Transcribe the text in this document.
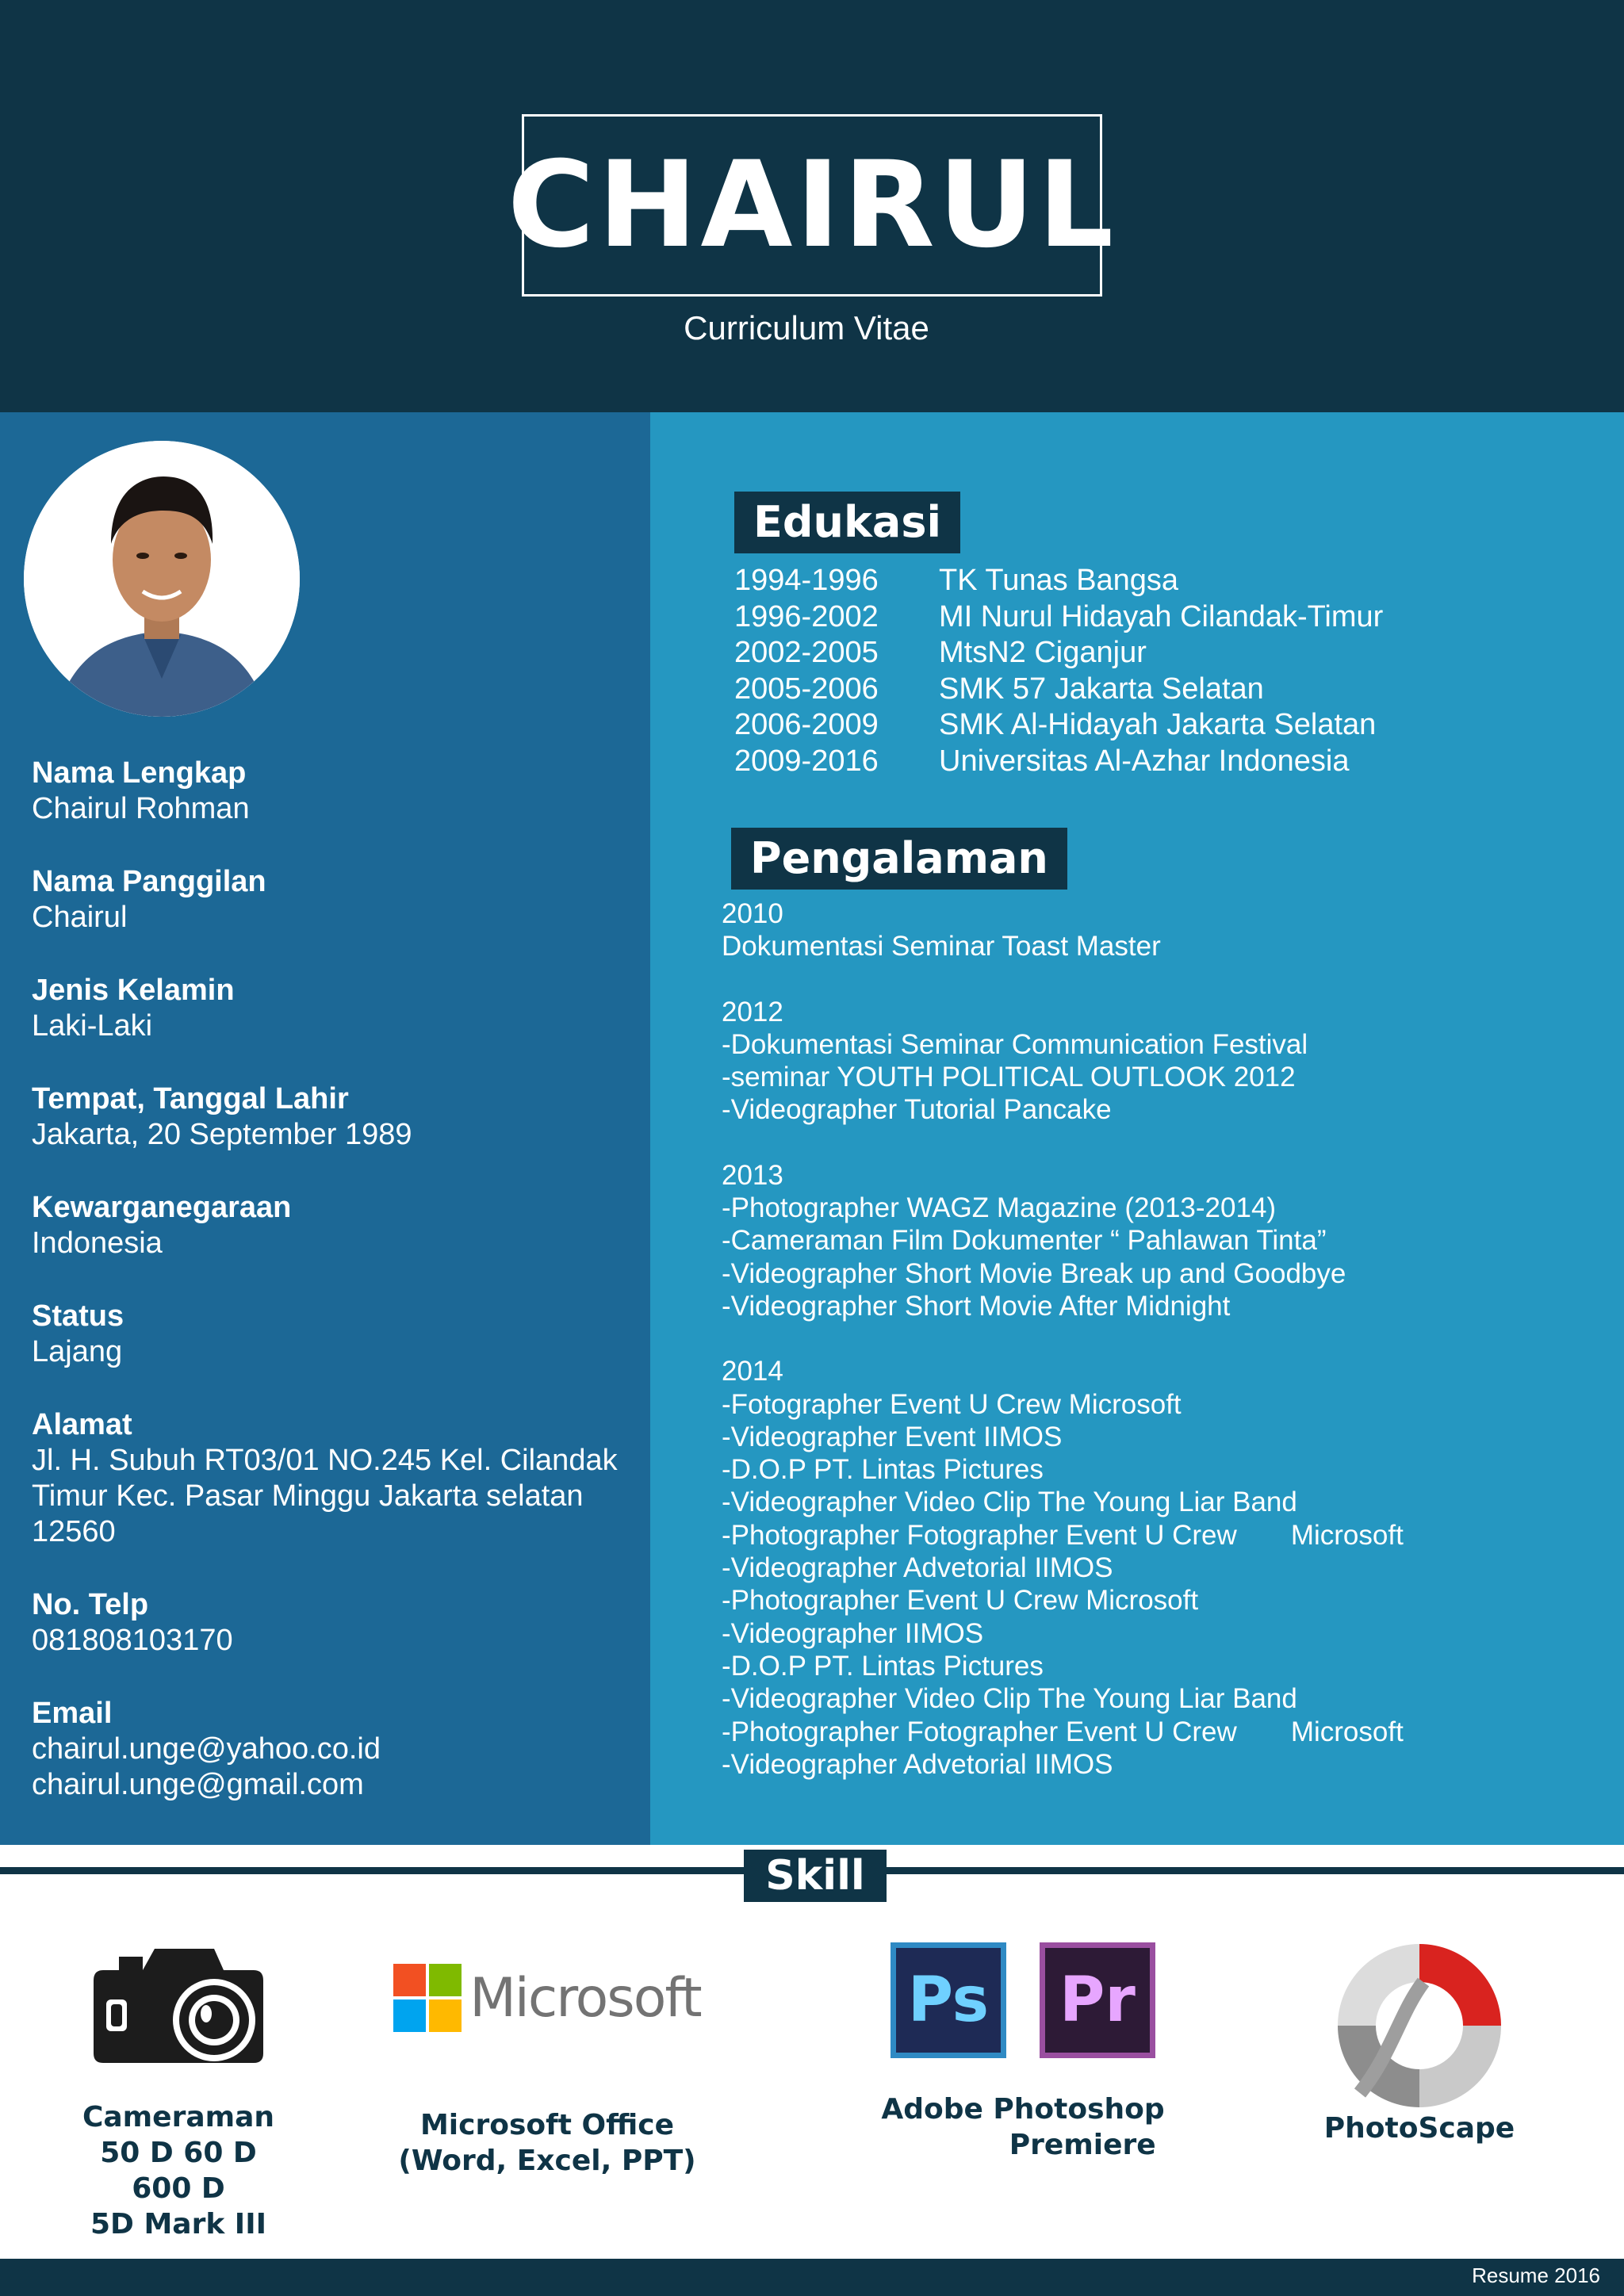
CHAIRUL
Curriculum Vitae
Nama Lengkap
Chairul Rohman
Nama Panggilan
Chairul
Jenis Kelamin
Laki-Laki
Tempat, Tanggal Lahir
Jakarta, 20 September 1989
Kewarganegaraan
Indonesia
Status
Lajang
Alamat
Jl. H. Subuh RT03/01 NO.245 Kel. Cilandak
Timur Kec. Pasar Minggu Jakarta selatan
12560
No. Telp
081808103170
Email
chairul.unge@yahoo.co.id
chairul.unge@gmail.com
Edukasi
1994-1996	TK Tunas Bangsa
1996-2002	MI Nurul Hidayah Cilandak-Timur
2002-2005	MtsN2 Ciganjur
2005-2006	SMK 57 Jakarta Selatan
2006-2009	SMK Al-Hidayah Jakarta Selatan
2009-2016	Universitas Al-Azhar Indonesia
Pengalaman
2010
Dokumentasi Seminar Toast Master
2012
-Dokumentasi Seminar Communication Festival
-seminar YOUTH POLITICAL OUTLOOK 2012
-Videographer Tutorial Pancake
2013
-Photographer WAGZ Magazine (2013-2014)
-Cameraman Film Dokumenter “ Pahlawan Tinta”
-Videographer Short Movie Break up and Goodbye
-Videographer Short Movie After Midnight
2014
-Fotographer Event U Crew Microsoft
-Videographer Event IIMOS
-D.O.P PT. Lintas Pictures
-Videographer Video Clip The Young Liar Band
-Photographer Fotographer Event U Crew       Microsoft
-Videographer Advetorial IIMOS
-Photographer Event U Crew Microsoft
-Videographer IIMOS
-D.O.P PT. Lintas Pictures
-Videographer Video Clip The Young Liar Band
-Photographer Fotographer Event U Crew       Microsoft
-Videographer Advetorial IIMOS
Skill
Cameraman
50 D 60 D
600 D
5D Mark III
Microsoft
Microsoft Office
(Word, Excel, PPT)
Ps Pr
Adobe Photoshop
Premiere
PhotoScape
Resume 2016
